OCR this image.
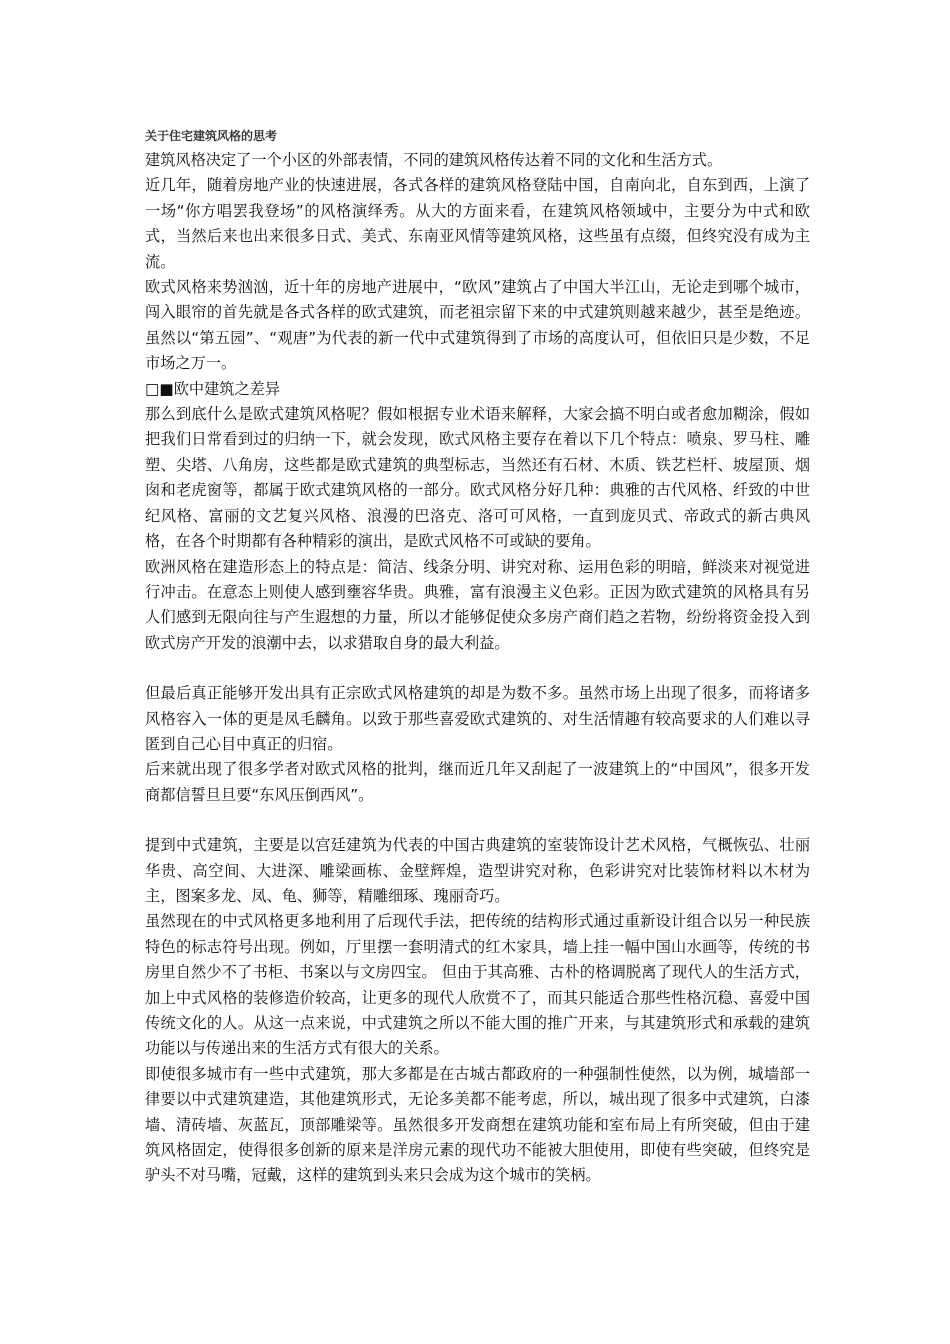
关于住宅建筑风格的思考

建筑风格决定了一个小区的外部表情，不同的建筑风格传达着不同的文化和生活方式。

近几年，随着房地产业的快速进展，各式各样的建筑风格登陆中国，自南向北，自东到西，上演了一场“你方唱罢我登场”的风格演绎秀。从大的方面来看，在建筑风格领域中，主要分为中式和欧式，当然后来也出来很多日式、美式、东南亚风情等建筑风格，这些虽有点缀，但终究没有成为主流。

欧式风格来势汹汹，近十年的房地产进展中，“欧风”建筑占了中国大半江山，无论走到哪个城市，闯入眼帘的首先就是各式各样的欧式建筑，而老祖宗留下来的中式建筑则越来越少，甚至是绝迹。虽然以“第五园”、“观唐”为代表的新一代中式建筑得到了市场的高度认可，但依旧只是少数，不足市场之万一。

□■欧中建筑之差异

那么到底什么是欧式建筑风格呢？假如根据专业术语来解释，大家会搞不明白或者愈加糊涂，假如把我们日常看到过的归纳一下，就会发现，欧式风格主要存在着以下几个特点：喷泉、罗马柱、雕塑、尖塔、八角房，这些都是欧式建筑的典型标志，当然还有石材、木质、铁艺栏杆、坡屋顶、烟囱和老虎窗等，都属于欧式建筑风格的一部分。欧式风格分好几种：典雅的古代风格、纤致的中世纪风格、富丽的文艺复兴风格、浪漫的巴洛克、洛可可风格，一直到庞贝式、帝政式的新古典风格，在各个时期都有各种精彩的演出，是欧式风格不可或缺的要角。

欧洲风格在建造形态上的特点是：简洁、线条分明、讲究对称、运用色彩的明暗，鲜淡来对视觉进行冲击。在意态上则使人感到壅容华贵。典雅，富有浪漫主义色彩。正因为欧式建筑的风格具有另人们感到无限向往与产生遐想的力量，所以才能够促使众多房产商们趋之若物，纷纷将资金投入到欧式房产开发的浪潮中去，以求猎取自身的最大利益。

但最后真正能够开发出具有正宗欧式风格建筑的却是为数不多。虽然市场上出现了很多，而将诸多风格容入一体的更是凤毛麟角。以致于那些喜爱欧式建筑的、对生活情趣有较高要求的人们难以寻匿到自己心目中真正的归宿。

后来就出现了很多学者对欧式风格的批判，继而近几年又刮起了一波建筑上的“中国风”，很多开发商都信誓旦旦要“东风压倒西风”。

提到中式建筑，主要是以宫廷建筑为代表的中国古典建筑的室装饰设计艺术风格，气概恢弘、壮丽华贵、高空间、大进深、雕梁画栋、金壁辉煌，造型讲究对称，色彩讲究对比装饰材料以木材为主，图案多龙、凤、龟、狮等，精雕细琢、瑰丽奇巧。

虽然现在的中式风格更多地利用了后现代手法，把传统的结构形式通过重新设计组合以另一种民族特色的标志符号出现。例如，厅里摆一套明清式的红木家具，墙上挂一幅中国山水画等，传统的书房里自然少不了书柜、书案以与文房四宝。 但由于其高雅、古朴的格调脱离了现代人的生活方式，加上中式风格的装修造价较高，让更多的现代人欣赏不了，而其只能适合那些性格沉稳、喜爱中国传统文化的人。从这一点来说，中式建筑之所以不能大围的推广开来，与其建筑形式和承载的建筑功能以与传递出来的生活方式有很大的关系。

即使很多城市有一些中式建筑，那大多都是在古城古都政府的一种强制性使然，以为例，城墙部一律要以中式建筑建造，其他建筑形式，无论多美都不能考虑，所以，城出现了很多中式建筑，白漆墙、清砖墙、灰蓝瓦，顶部雕梁等。虽然很多开发商想在建筑功能和室布局上有所突破，但由于建筑风格固定，使得很多创新的原来是洋房元素的现代功不能被大胆使用，即使有些突破，但终究是驴头不对马嘴，冠戴，这样的建筑到头来只会成为这个城市的笑柄。
